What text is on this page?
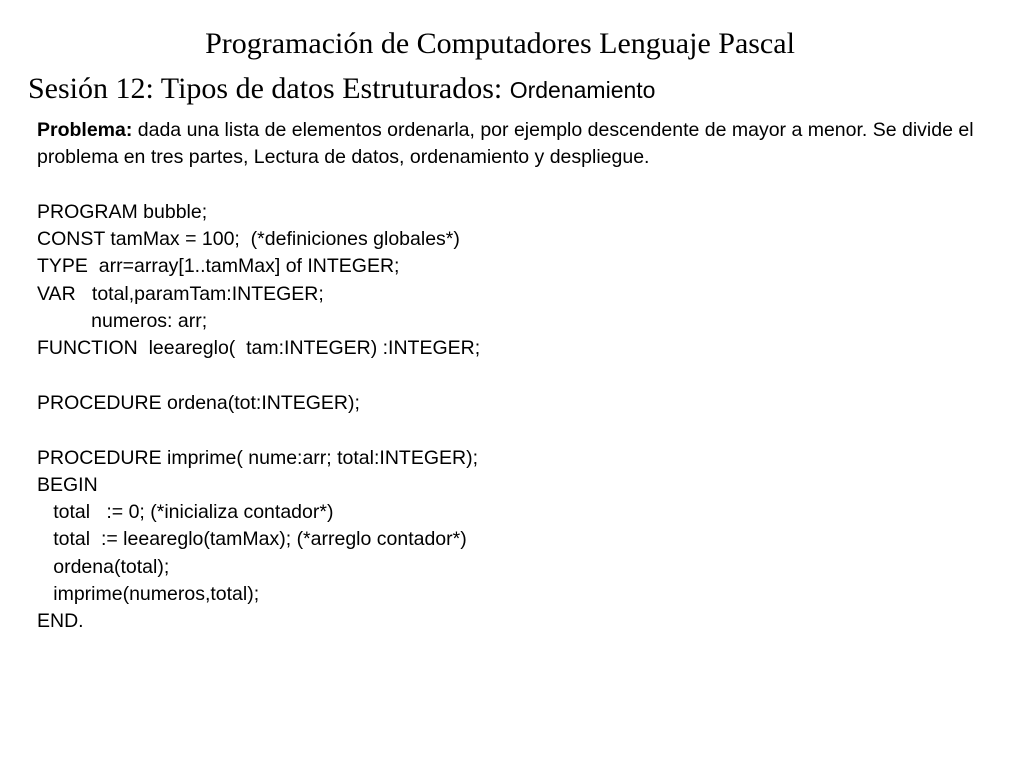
Programación de Computadores Lenguaje Pascal
Sesión 12: Tipos de datos Estruturados: Ordenamiento

Problema: dada una lista de elementos ordenarla, por ejemplo descendente de mayor a menor. Se divide el problema en tres partes, Lectura de datos, ordenamiento y despliegue.

PROGRAM bubble;
CONST tamMax = 100;  (*definiciones globales*)
TYPE  arr=array[1..tamMax] of INTEGER;
VAR   total,paramTam:INTEGER;
numeros: arr;
FUNCTION  leeareglo(  tam:INTEGER) :INTEGER;
PROCEDURE ordena(tot:INTEGER);
PROCEDURE imprime( nume:arr; total:INTEGER);
BEGIN
total   := 0; (*inicializa contador*)
total  := leeareglo(tamMax); (*arreglo contador*)
ordena(total);
imprime(numeros,total);
END.
